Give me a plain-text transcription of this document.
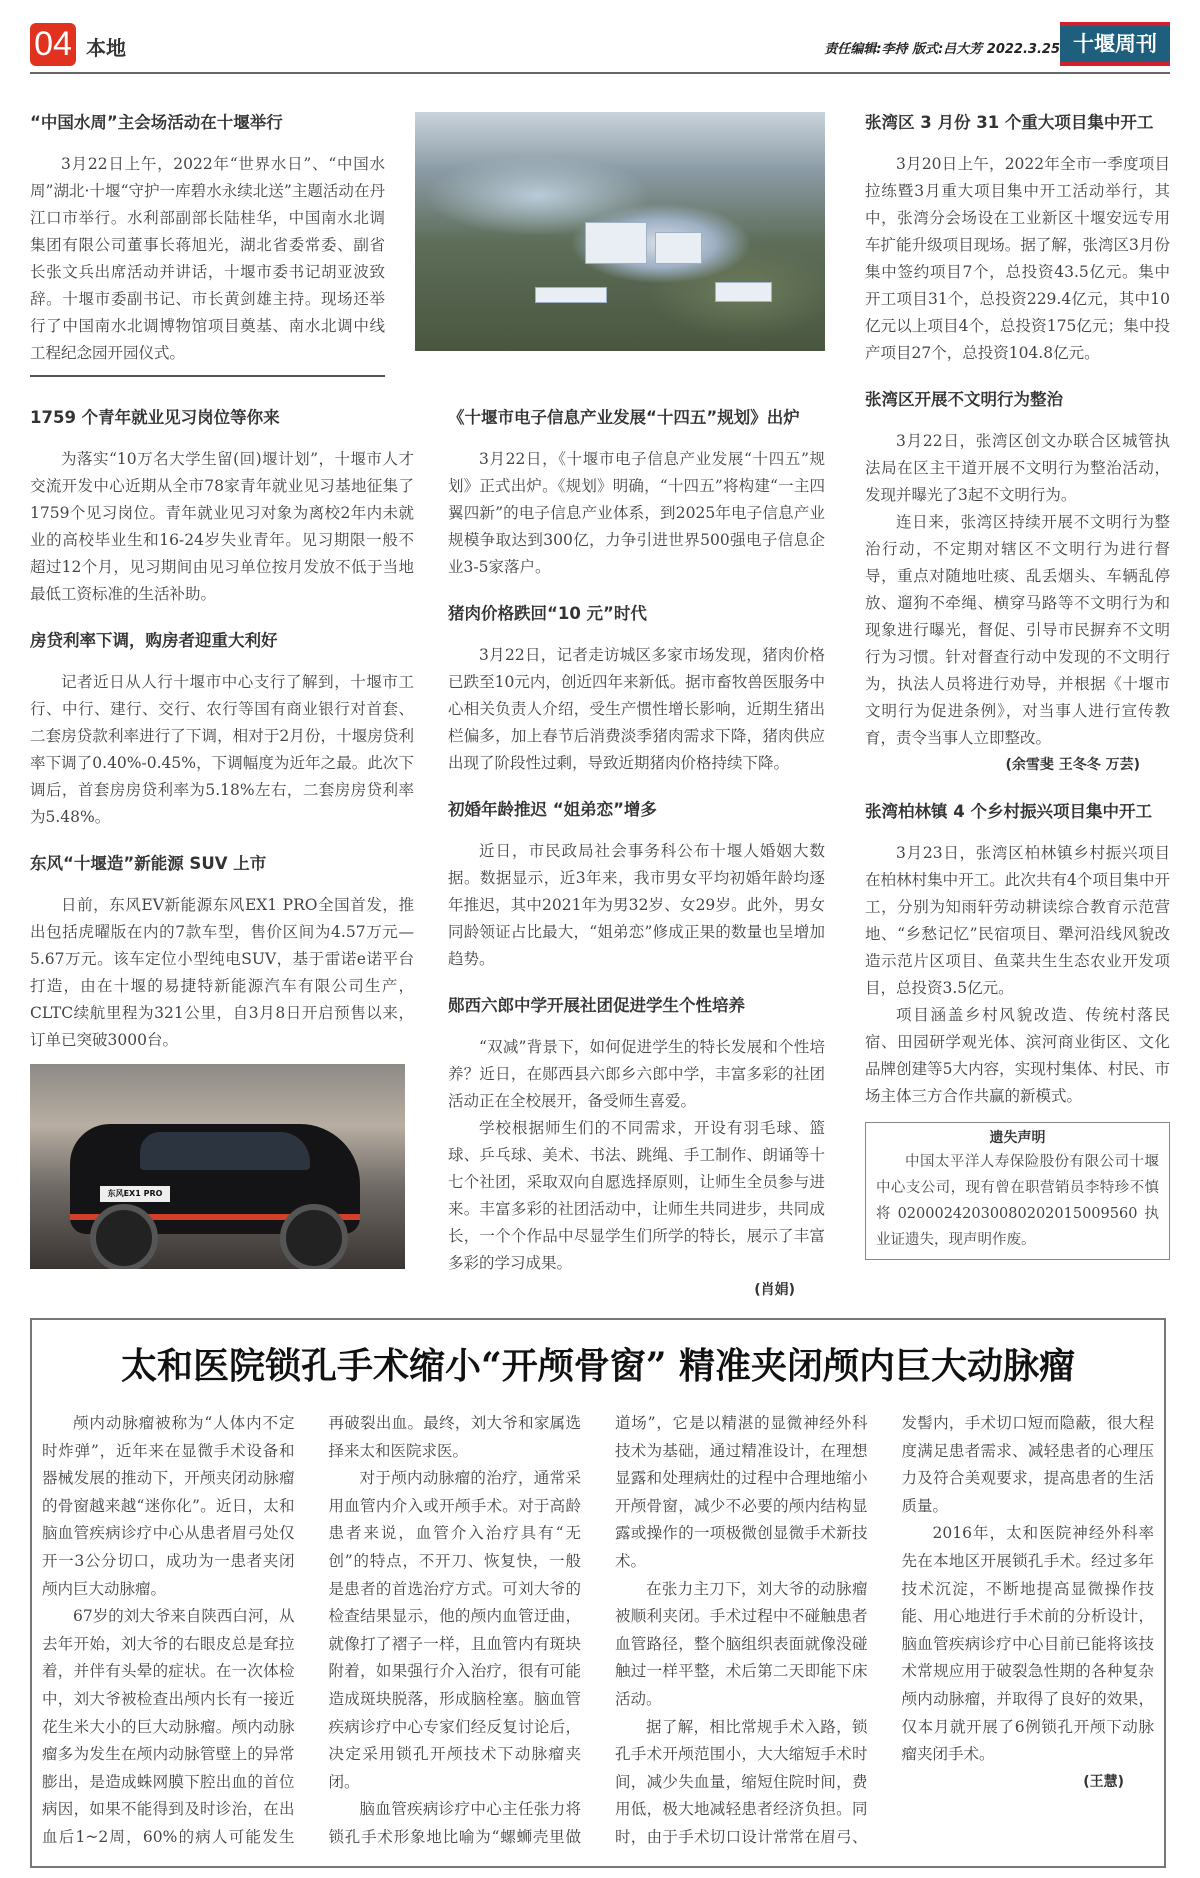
04 本地	责任编辑:李持 版式:吕大芳 2022.3.25 十堰周刊
“中国水周”主会场活动在十堰举行

3月22日上午，2022年“世界水日”、“中国水周”湖北·十堰“守护一库碧水永续北送”主题活动在丹江口市举行。水利部副部长陆桂华，中国南水北调集团有限公司董事长蒋旭光，湖北省委常委、副省长张文兵出席活动并讲话，十堰市委书记胡亚波致辞。十堰市委副书记、市长黄剑雄主持。现场还举行了中国南水北调博物馆项目奠基、南水北调中线工程纪念园开园仪式。

1759 个青年就业见习岗位等你来

为落实“10万名大学生留(回)堰计划”，十堰市人才交流开发中心近期从全市78家青年就业见习基地征集了1759个见习岗位。青年就业见习对象为离校2年内未就业的高校毕业生和16-24岁失业青年。见习期限一般不超过12个月，见习期间由见习单位按月发放不低于当地最低工资标准的生活补助。

房贷利率下调，购房者迎重大利好

记者近日从人行十堰市中心支行了解到，十堰市工行、中行、建行、交行、农行等国有商业银行对首套、二套房贷款利率进行了下调，相对于2月份，十堰房贷利率下调了0.40%-0.45%，下调幅度为近年之最。此次下调后，首套房房贷利率为5.18%左右，二套房房贷利率为5.48%。

东风“十堰造”新能源 SUV 上市

日前，东风EV新能源东风EX1 PRO全国首发，推出包括虎曜版在内的7款车型，售价区间为4.57万元—5.67万元。该车定位小型纯电SUV，基于雷诺e诺平台打造，由在十堰的易捷特新能源汽车有限公司生产，CLTC续航里程为321公里，自3月8日开启预售以来，订单已突破3000台。

东风EX1 PRO
《十堰市电子信息产业发展“十四五”规划》出炉

3月22日，《十堰市电子信息产业发展“十四五”规划》正式出炉。《规划》明确，“十四五”将构建“一主四翼四新”的电子信息产业体系，到2025年电子信息产业规模争取达到300亿，力争引进世界500强电子信息企业3-5家落户。

猪肉价格跌回“10 元”时代

3月22日，记者走访城区多家市场发现，猪肉价格已跌至10元内，创近四年来新低。据市畜牧兽医服务中心相关负责人介绍，受生产惯性增长影响，近期生猪出栏偏多，加上春节后消费淡季猪肉需求下降，猪肉供应出现了阶段性过剩，导致近期猪肉价格持续下降。

初婚年龄推迟 “姐弟恋”增多

近日，市民政局社会事务科公布十堰人婚姻大数据。数据显示，近3年来，我市男女平均初婚年龄均逐年推迟，其中2021年为男32岁、女29岁。此外，男女同龄领证占比最大，“姐弟恋”修成正果的数量也呈增加趋势。

郧西六郎中学开展社团促进学生个性培养

“双减”背景下，如何促进学生的特长发展和个性培养？近日，在郧西县六郎乡六郎中学，丰富多彩的社团活动正在全校展开，备受师生喜爱。

学校根据师生们的不同需求，开设有羽毛球、篮球、乒乓球、美术、书法、跳绳、手工制作、朗诵等十七个社团，采取双向自愿选择原则，让师生全员参与进来。丰富多彩的社团活动中，让师生共同进步，共同成长，一个个作品中尽显学生们所学的特长，展示了丰富多彩的学习成果。

(肖娟)
张湾区 3 月份 31 个重大项目集中开工

3月20日上午，2022年全市一季度项目拉练暨3月重大项目集中开工活动举行，其中，张湾分会场设在工业新区十堰安远专用车扩能升级项目现场。据了解，张湾区3月份集中签约项目7个，总投资43.5亿元。集中开工项目31个，总投资229.4亿元，其中10亿元以上项目4个，总投资175亿元；集中投产项目27个，总投资104.8亿元。

张湾区开展不文明行为整治

3月22日，张湾区创文办联合区城管执法局在区主干道开展不文明行为整治活动，发现并曝光了3起不文明行为。

连日来，张湾区持续开展不文明行为整治行动，不定期对辖区不文明行为进行督导，重点对随地吐痰、乱丢烟头、车辆乱停放、遛狗不牵绳、横穿马路等不文明行为和现象进行曝光，督促、引导市民摒弃不文明行为习惯。针对督查行动中发现的不文明行为，执法人员将进行劝导，并根据《十堰市文明行为促进条例》，对当事人进行宣传教育，责令当事人立即整改。

(余雪斐 王冬冬 万芸)
张湾柏林镇 4 个乡村振兴项目集中开工

3月23日，张湾区柏林镇乡村振兴项目在柏林村集中开工。此次共有4个项目集中开工，分别为知雨轩劳动耕读综合教育示范营地、“乡愁记忆”民宿项目、犟河沿线风貌改造示范片区项目、鱼菜共生生态农业开发项目，总投资3.5亿元。

项目涵盖乡村风貌改造、传统村落民宿、田园研学观光体、滨河商业街区、文化品牌创建等5大内容，实现村集体、村民、市场主体三方合作共赢的新模式。

遗失声明

中国太平洋人寿保险股份有限公司十堰中心支公司，现有曾在职营销员李特珍不慎将02000242030080202015009560执业证遗失，现声明作废。

太和医院锁孔手术缩小“开颅骨窗” 精准夹闭颅内巨大动脉瘤

颅内动脉瘤被称为“人体内不定时炸弹”，近年来在显微手术设备和器械发展的推动下，开颅夹闭动脉瘤的骨窗越来越“迷你化”。近日，太和脑血管疾病诊疗中心从患者眉弓处仅开一3公分切口，成功为一患者夹闭颅内巨大动脉瘤。

67岁的刘大爷来自陕西白河，从去年开始，刘大爷的右眼皮总是耷拉着，并伴有头晕的症状。在一次体检中，刘大爷被检查出颅内长有一接近花生米大小的巨大动脉瘤。颅内动脉瘤多为发生在颅内动脉管壁上的异常膨出，是造成蛛网膜下腔出血的首位病因，如果不能得到及时诊治，在出血后1~2周，60%的病人可能发生再破裂出血。最终，刘大爷和家属选择来太和医院求医。

对于颅内动脉瘤的治疗，通常采用血管内介入或开颅手术。对于高龄患者来说，血管介入治疗具有“无创”的特点，不开刀、恢复快，一般是患者的首选治疗方式。可刘大爷的检查结果显示，他的颅内血管迂曲，就像打了褶子一样，且血管内有斑块附着，如果强行介入治疗，很有可能造成斑块脱落，形成脑栓塞。脑血管疾病诊疗中心专家们经反复讨论后，决定采用锁孔开颅技术下动脉瘤夹闭。

脑血管疾病诊疗中心主任张力将锁孔手术形象地比喻为“螺蛳壳里做道场”，它是以精湛的显微神经外科技术为基础，通过精准设计，在理想显露和处理病灶的过程中合理地缩小开颅骨窗，减少不必要的颅内结构显露或操作的一项极微创显微手术新技术。

在张力主刀下，刘大爷的动脉瘤被顺利夹闭。手术过程中不碰触患者血管路径，整个脑组织表面就像没碰触过一样平整，术后第二天即能下床活动。

据了解，相比常规手术入路，锁孔手术开颅范围小，大大缩短手术时间，减少失血量，缩短住院时间，费用低，极大地减轻患者经济负担。同时，由于手术切口设计常常在眉弓、发髻内，手术切口短而隐蔽，很大程度满足患者需求、减轻患者的心理压力及符合美观要求，提高患者的生活质量。

2016年，太和医院神经外科率先在本地区开展锁孔手术。经过多年技术沉淀，不断地提高显微操作技能、用心地进行手术前的分析设计，脑血管疾病诊疗中心目前已能将该技术常规应用于破裂急性期的各种复杂颅内动脉瘤，并取得了良好的效果，仅本月就开展了6例锁孔开颅下动脉瘤夹闭手术。

(王慧)
